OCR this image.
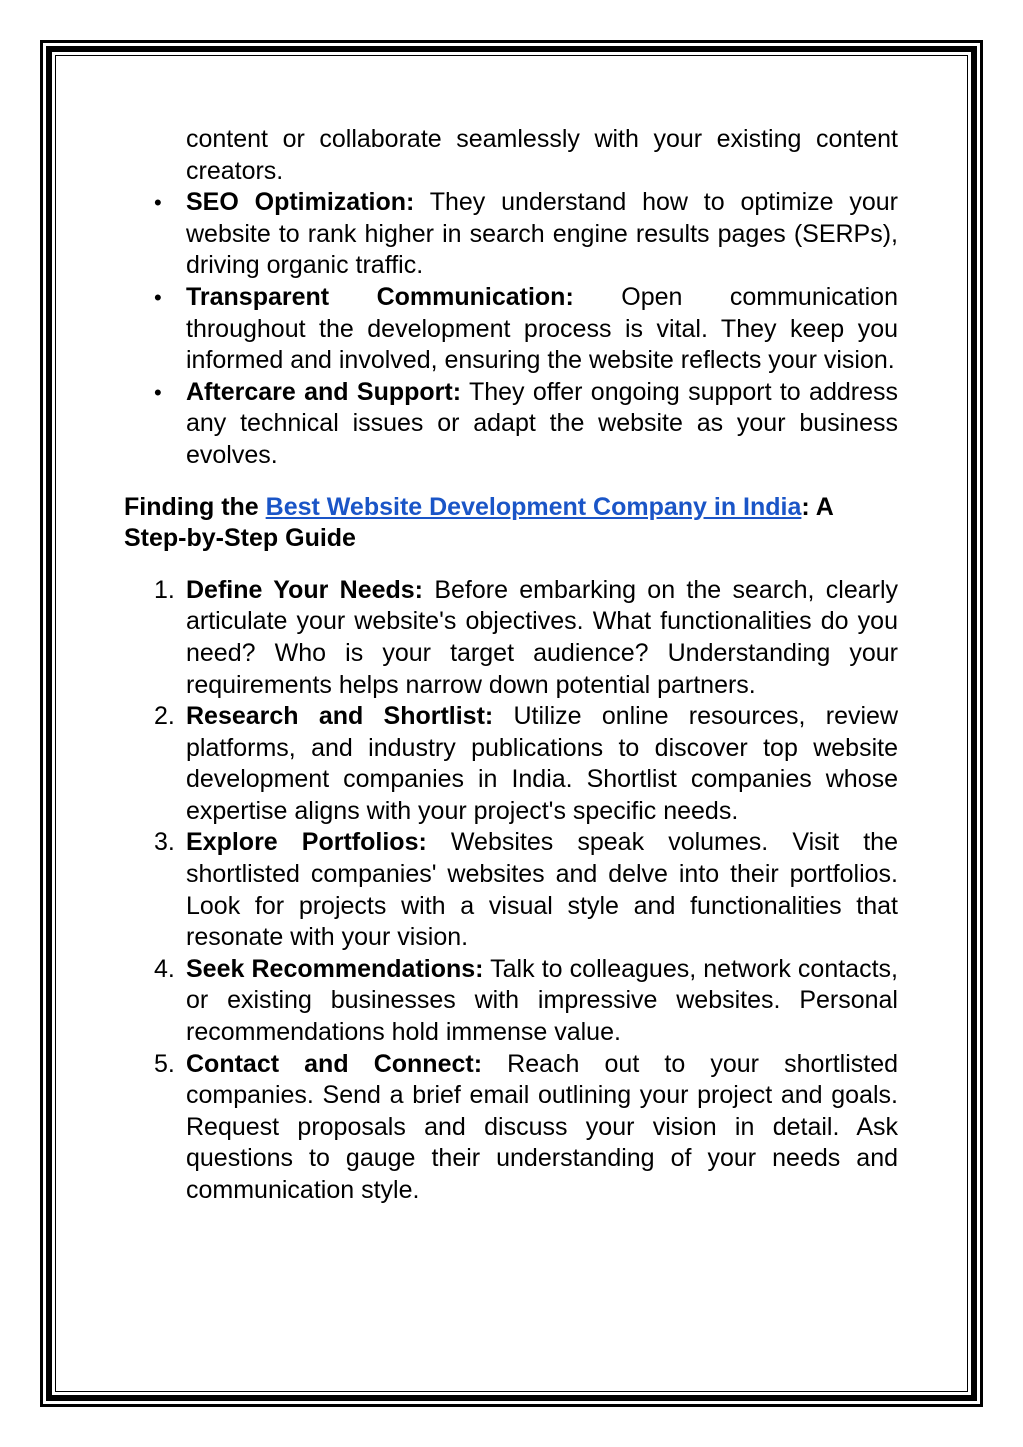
content or collaborate seamlessly with your existing content creators.
• SEO Optimization: They understand how to optimize your website to rank higher in search engine results pages (SERPs), driving organic traffic.
• Transparent Communication: Open communication throughout the development process is vital. They keep you informed and involved, ensuring the website reflects your vision.
• Aftercare and Support: They offer ongoing support to address any technical issues or adapt the website as your business evolves.
Finding the Best Website Development Company in India: A Step-by-Step Guide
1. Define Your Needs: Before embarking on the search, clearly articulate your website's objectives. What functionalities do you need? Who is your target audience? Understanding your requirements helps narrow down potential partners.
2. Research and Shortlist: Utilize online resources, review platforms, and industry publications to discover top website development companies in India. Shortlist companies whose expertise aligns with your project's specific needs.
3. Explore Portfolios: Websites speak volumes. Visit the shortlisted companies' websites and delve into their portfolios. Look for projects with a visual style and functionalities that resonate with your vision.
4. Seek Recommendations: Talk to colleagues, network contacts, or existing businesses with impressive websites. Personal recommendations hold immense value.
5. Contact and Connect: Reach out to your shortlisted companies. Send a brief email outlining your project and goals. Request proposals and discuss your vision in detail. Ask questions to gauge their understanding of your needs and communication style.
